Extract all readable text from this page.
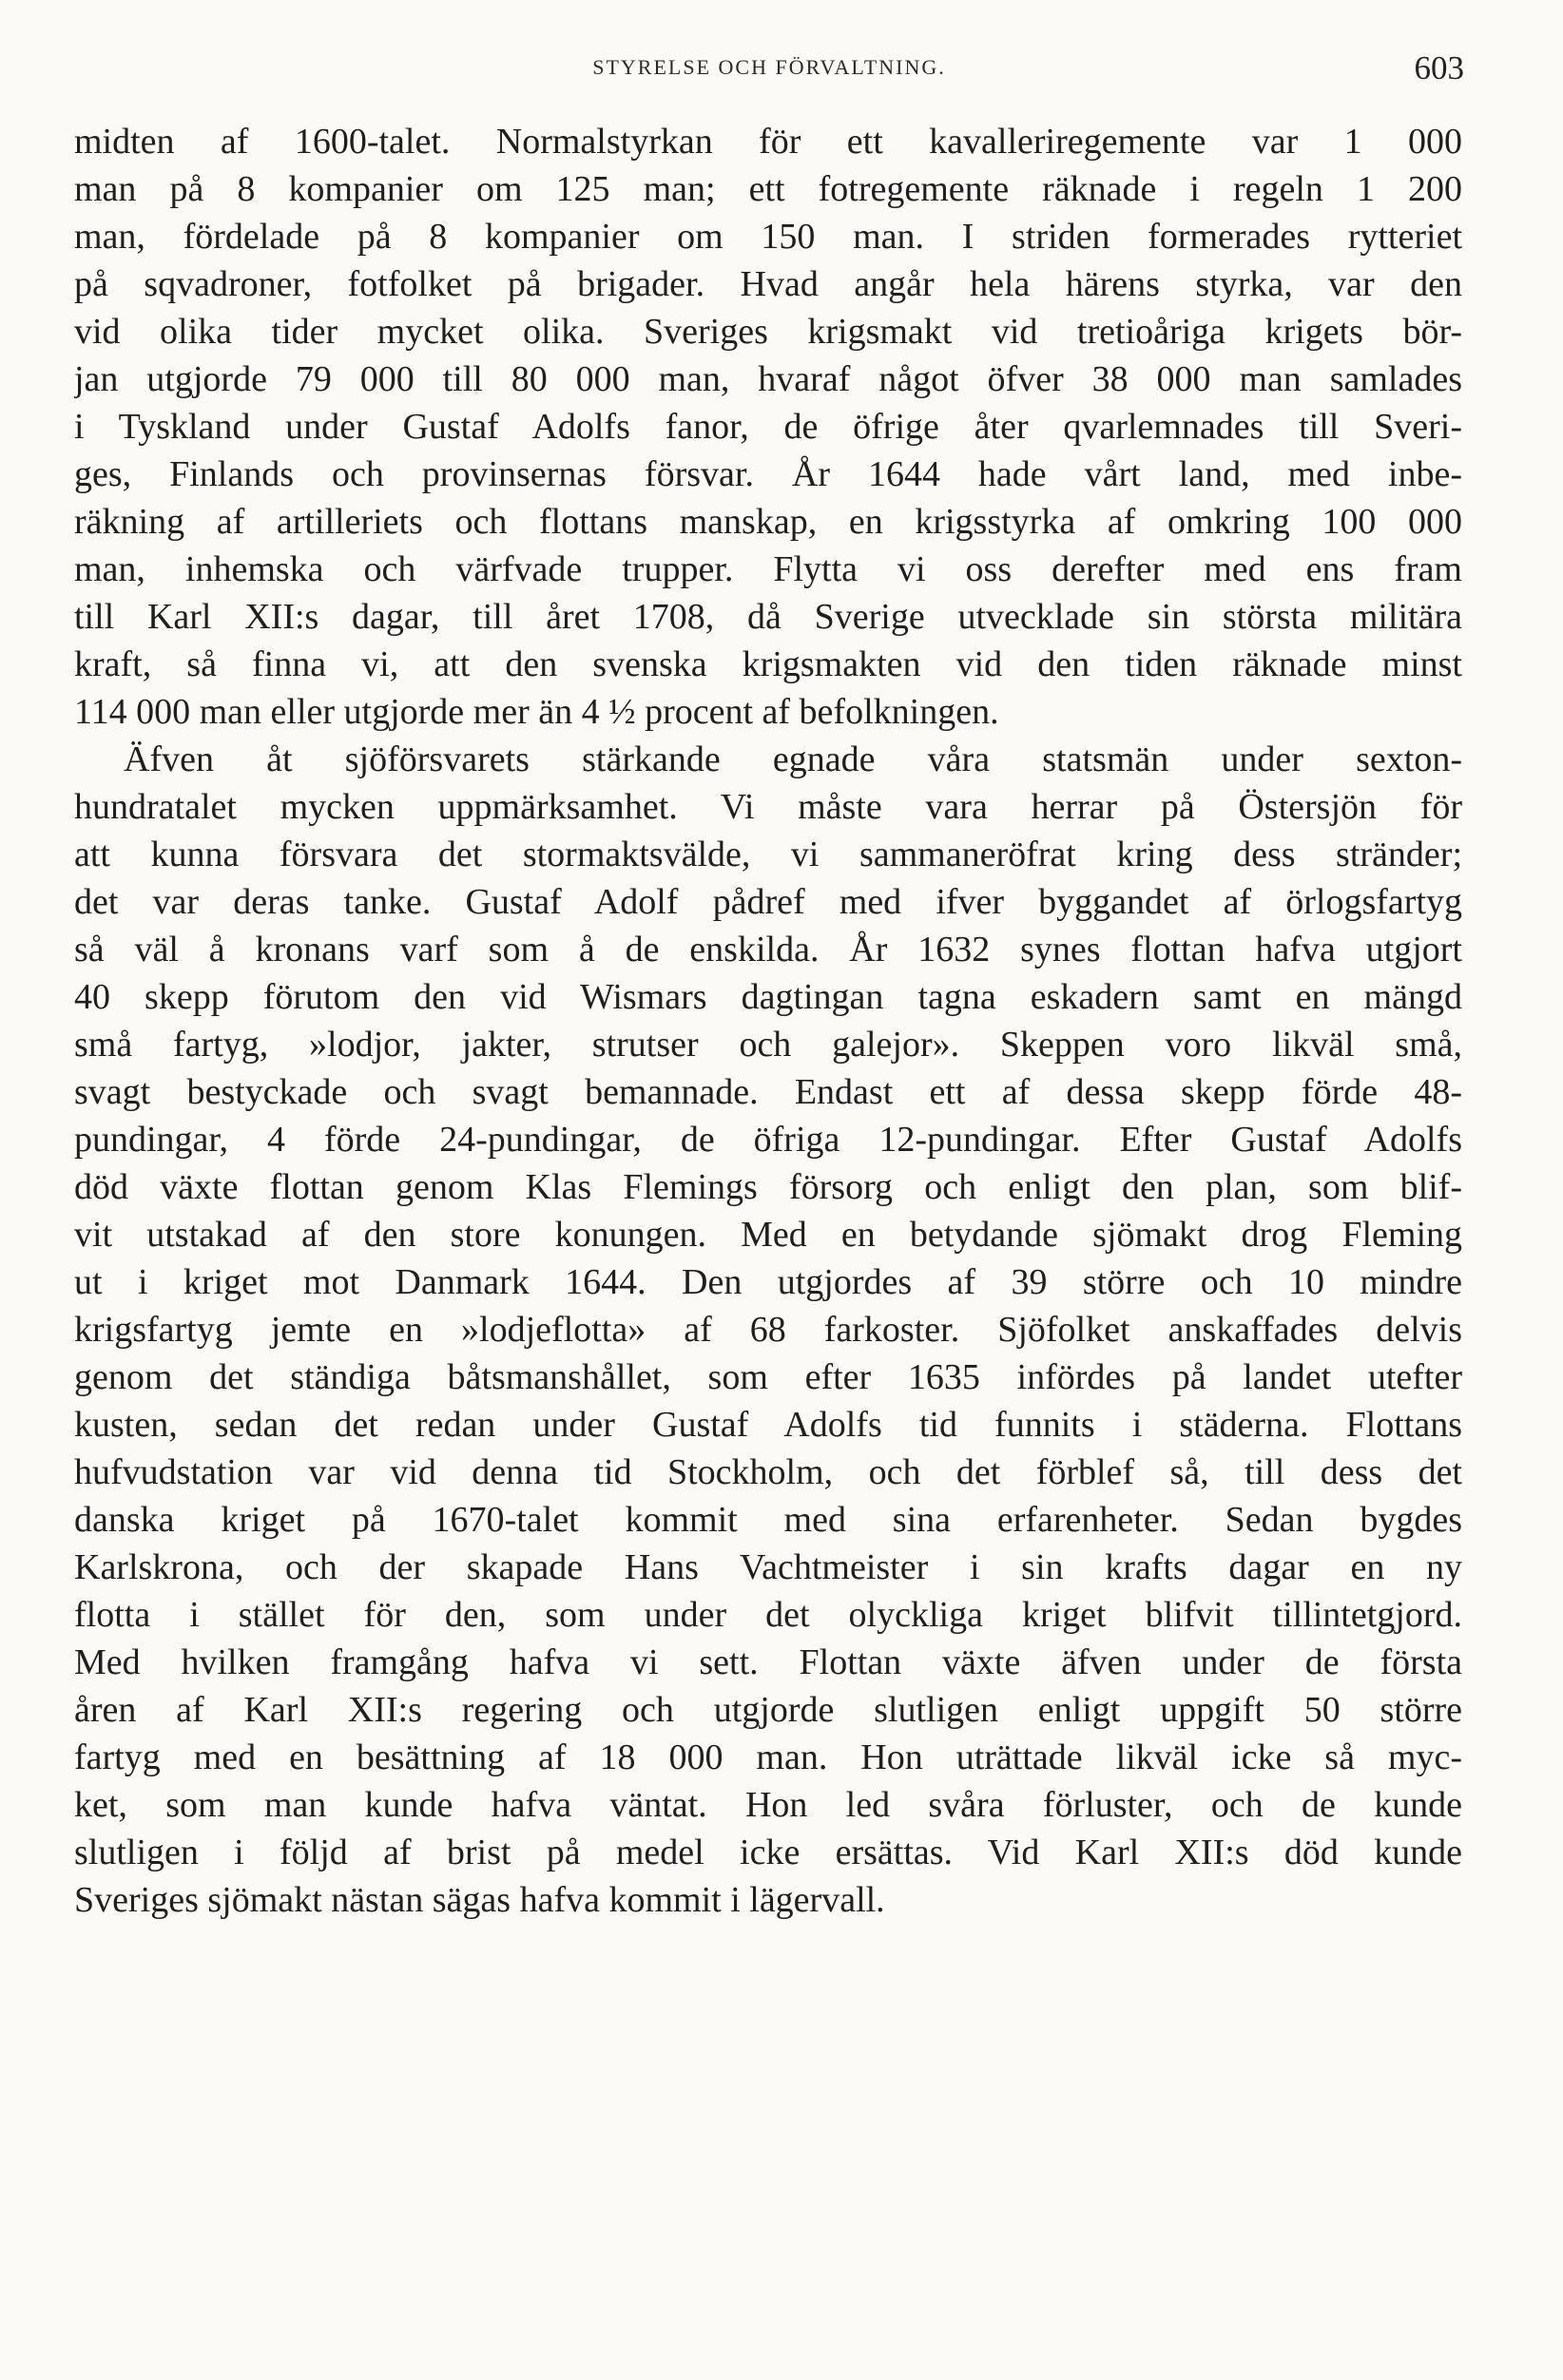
STYRELSE OCH FÖRVALTNING.	603
midten af 1600-talet. Normalstyrkan för ett kavalleriregemente var 1 000
man på 8 kompanier om 125 man; ett fotregemente räknade i regeln 1 200
man, fördelade på 8 kompanier om 150 man. I striden formerades rytteriet
på sqvadroner, fotfolket på brigader. Hvad angår hela härens styrka, var den
vid olika tider mycket olika. Sveriges krigsmakt vid tretioåriga krigets bör-
jan utgjorde 79 000 till 80 000 man, hvaraf något öfver 38 000 man samlades
i Tyskland under Gustaf Adolfs fanor, de öfrige åter qvarlemnades till Sveri-
ges, Finlands och provinsernas försvar. År 1644 hade vårt land, med inbe-
räkning af artilleriets och flottans manskap, en krigsstyrka af omkring 100 000
man, inhemska och värfvade trupper. Flytta vi oss derefter med ens fram
till Karl XII:s dagar, till året 1708, då Sverige utvecklade sin största militära
kraft, så finna vi, att den svenska krigsmakten vid den tiden räknade minst
114 000 man eller utgjorde mer än 4 ½ procent af befolkningen.
Äfven åt sjöförsvarets stärkande egnade våra statsmän under sexton-
hundratalet mycken uppmärksamhet. Vi måste vara herrar på Östersjön för
att kunna försvara det stormaktsvälde, vi sammaneröfrat kring dess stränder;
det var deras tanke. Gustaf Adolf pådref med ifver byggandet af örlogsfartyg
så väl å kronans varf som å de enskilda. År 1632 synes flottan hafva utgjort
40 skepp förutom den vid Wismars dagtingan tagna eskadern samt en mängd
små fartyg, »lodjor, jakter, strutser och galejor». Skeppen voro likväl små,
svagt bestyckade och svagt bemannade. Endast ett af dessa skepp förde 48-
pundingar, 4 förde 24-pundingar, de öfriga 12-pundingar. Efter Gustaf Adolfs
död växte flottan genom Klas Flemings försorg och enligt den plan, som blif-
vit utstakad af den store konungen. Med en betydande sjömakt drog Fleming
ut i kriget mot Danmark 1644. Den utgjordes af 39 större och 10 mindre
krigsfartyg jemte en »lodjeflotta» af 68 farkoster. Sjöfolket anskaffades delvis
genom det ständiga båtsmanshållet, som efter 1635 infördes på landet utefter
kusten, sedan det redan under Gustaf Adolfs tid funnits i städerna. Flottans
hufvudstation var vid denna tid Stockholm, och det förblef så, till dess det
danska kriget på 1670-talet kommit med sina erfarenheter. Sedan bygdes
Karlskrona, och der skapade Hans Vachtmeister i sin krafts dagar en ny
flotta i stället för den, som under det olyckliga kriget blifvit tillintetgjord.
Med hvilken framgång hafva vi sett. Flottan växte äfven under de första
åren af Karl XII:s regering och utgjorde slutligen enligt uppgift 50 större
fartyg med en besättning af 18 000 man. Hon uträttade likväl icke så myc-
ket, som man kunde hafva väntat. Hon led svåra förluster, och de kunde
slutligen i följd af brist på medel icke ersättas. Vid Karl XII:s död kunde
Sveriges sjömakt nästan sägas hafva kommit i lägervall.
